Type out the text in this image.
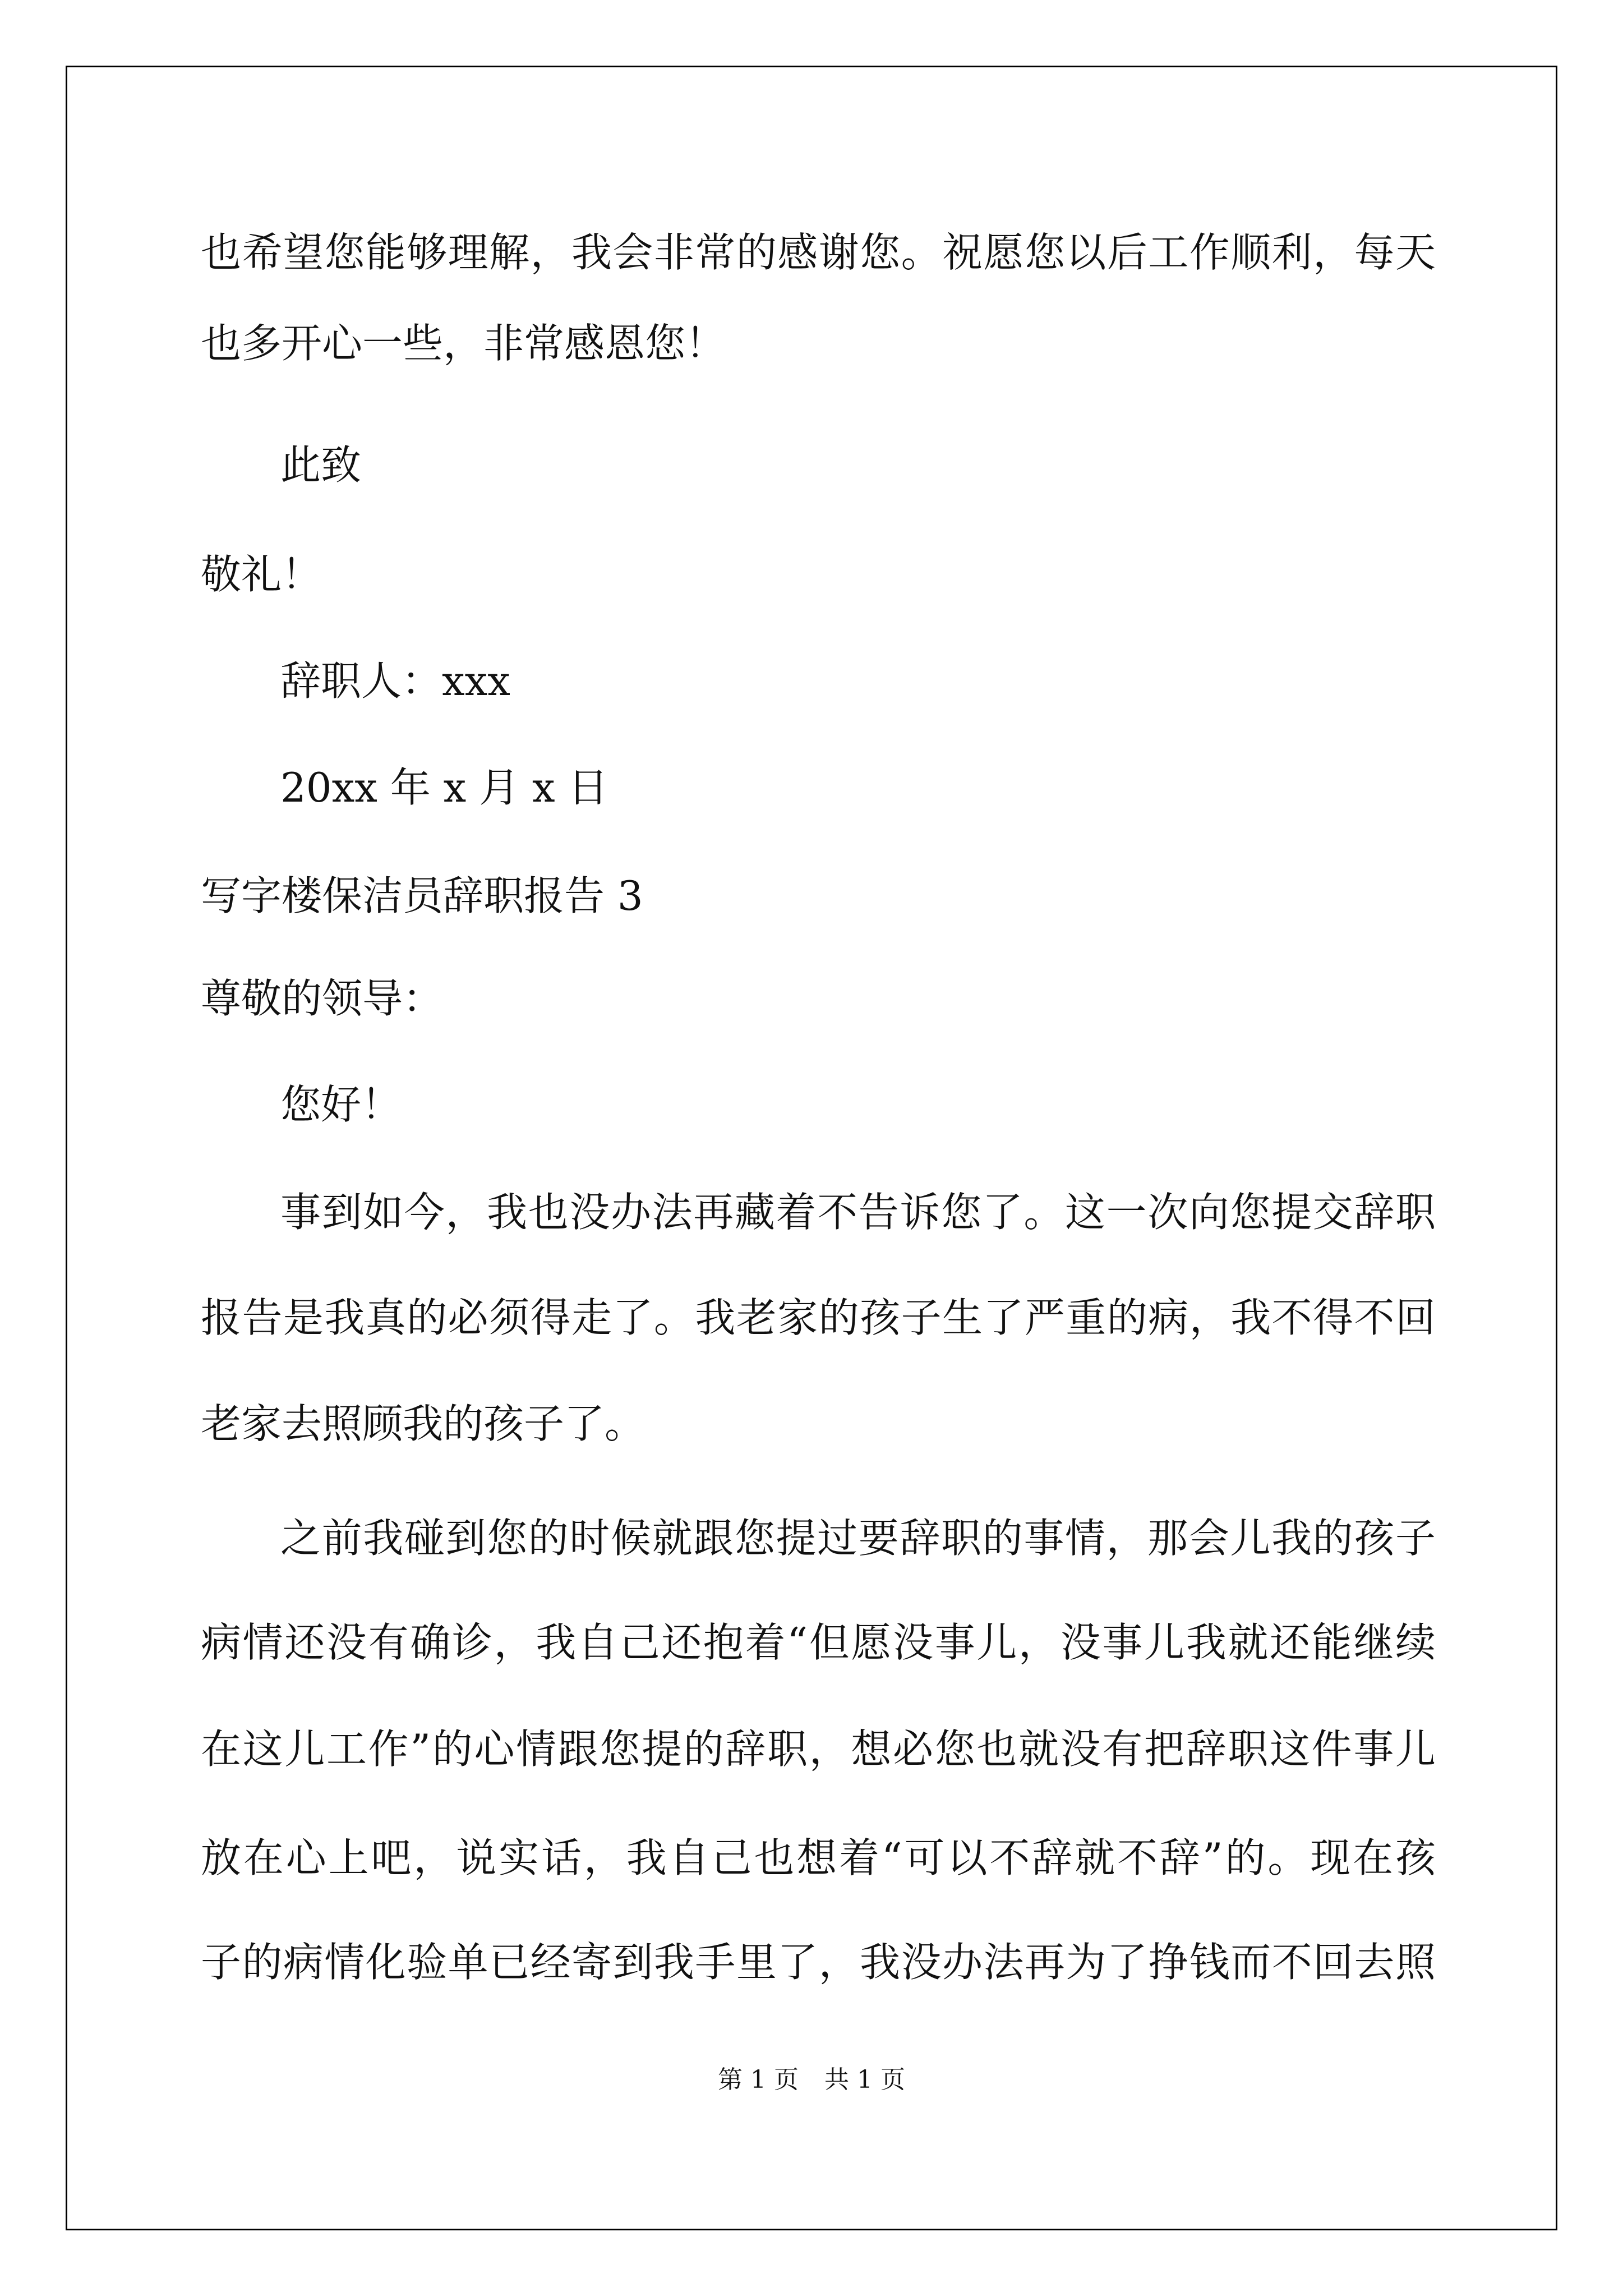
也希望您能够理解，我会非常的感谢您。祝愿您以后工作顺利，每天
也多开心一些，非常感恩您！
此致
敬礼！
辞职人：xxx
20xx 年 x 月 x 日
写字楼保洁员辞职报告 3
尊敬的领导：
您好！
事到如今，我也没办法再藏着不告诉您了。这一次向您提交辞职
报告是我真的必须得走了。我老家的孩子生了严重的病，我不得不回
老家去照顾我的孩子了。
之前我碰到您的时候就跟您提过要辞职的事情，那会儿我的孩子
病情还没有确诊，我自己还抱着“但愿没事儿，没事儿我就还能继续
在这儿工作”的心情跟您提的辞职，想必您也就没有把辞职这件事儿
放在心上吧，说实话，我自己也想着“可以不辞就不辞”的。现在孩
子的病情化验单已经寄到我手里了，我没办法再为了挣钱而不回去照
第 1 页 共 1 页
